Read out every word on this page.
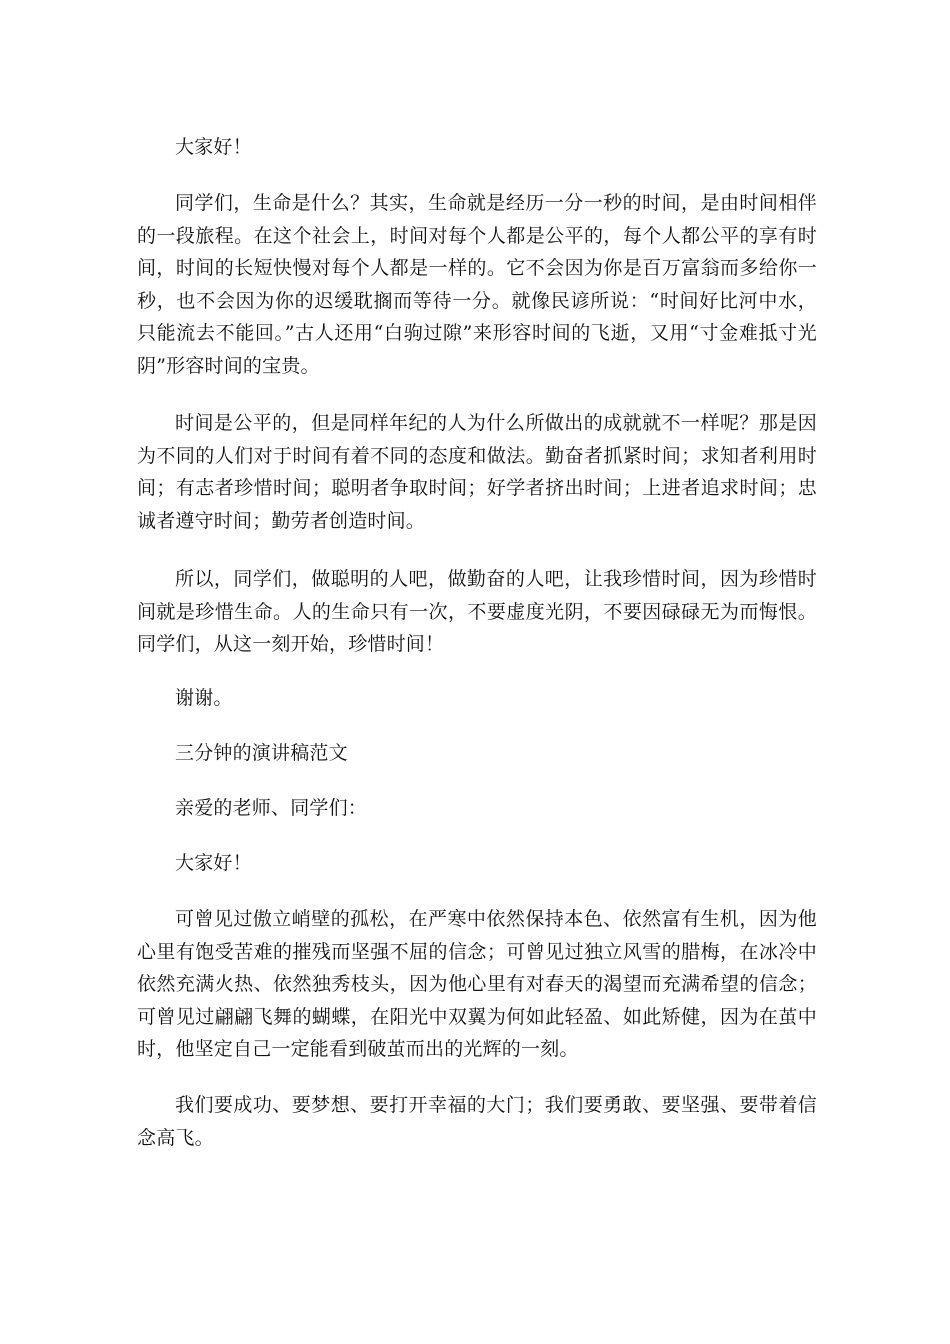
大家好！

同学们，生命是什么？其实，生命就是经历一分一秒的时间，是由时间相伴的一段旅程。在这个社会上，时间对每个人都是公平的，每个人都公平的享有时间，时间的长短快慢对每个人都是一样的。它不会因为你是百万富翁而多给你一秒，也不会因为你的迟缓耽搁而等待一分。就像民谚所说：“时间好比河中水，只能流去不能回。”古人还用“白驹过隙”来形容时间的飞逝，又用“寸金难抵寸光阴”形容时间的宝贵。

时间是公平的，但是同样年纪的人为什么所做出的成就就不一样呢？那是因为不同的人们对于时间有着不同的态度和做法。勤奋者抓紧时间；求知者利用时间；有志者珍惜时间；聪明者争取时间；好学者挤出时间；上进者追求时间；忠诚者遵守时间；勤劳者创造时间。

所以，同学们，做聪明的人吧，做勤奋的人吧，让我珍惜时间，因为珍惜时间就是珍惜生命。人的生命只有一次，不要虚度光阴，不要因碌碌无为而悔恨。同学们，从这一刻开始，珍惜时间！

谢谢。

三分钟的演讲稿范文

亲爱的老师、同学们：

大家好！

可曾见过傲立峭壁的孤松，在严寒中依然保持本色、依然富有生机，因为他心里有饱受苦难的摧残而坚强不屈的信念；可曾见过独立风雪的腊梅，在冰冷中依然充满火热、依然独秀枝头，因为他心里有对春天的渴望而充满希望的信念；可曾见过翩翩飞舞的蝴蝶，在阳光中双翼为何如此轻盈、如此矫健，因为在茧中时，他坚定自己一定能看到破茧而出的光辉的一刻。

我们要成功、要梦想、要打开幸福的大门；我们要勇敢、要坚强、要带着信念高飞。
